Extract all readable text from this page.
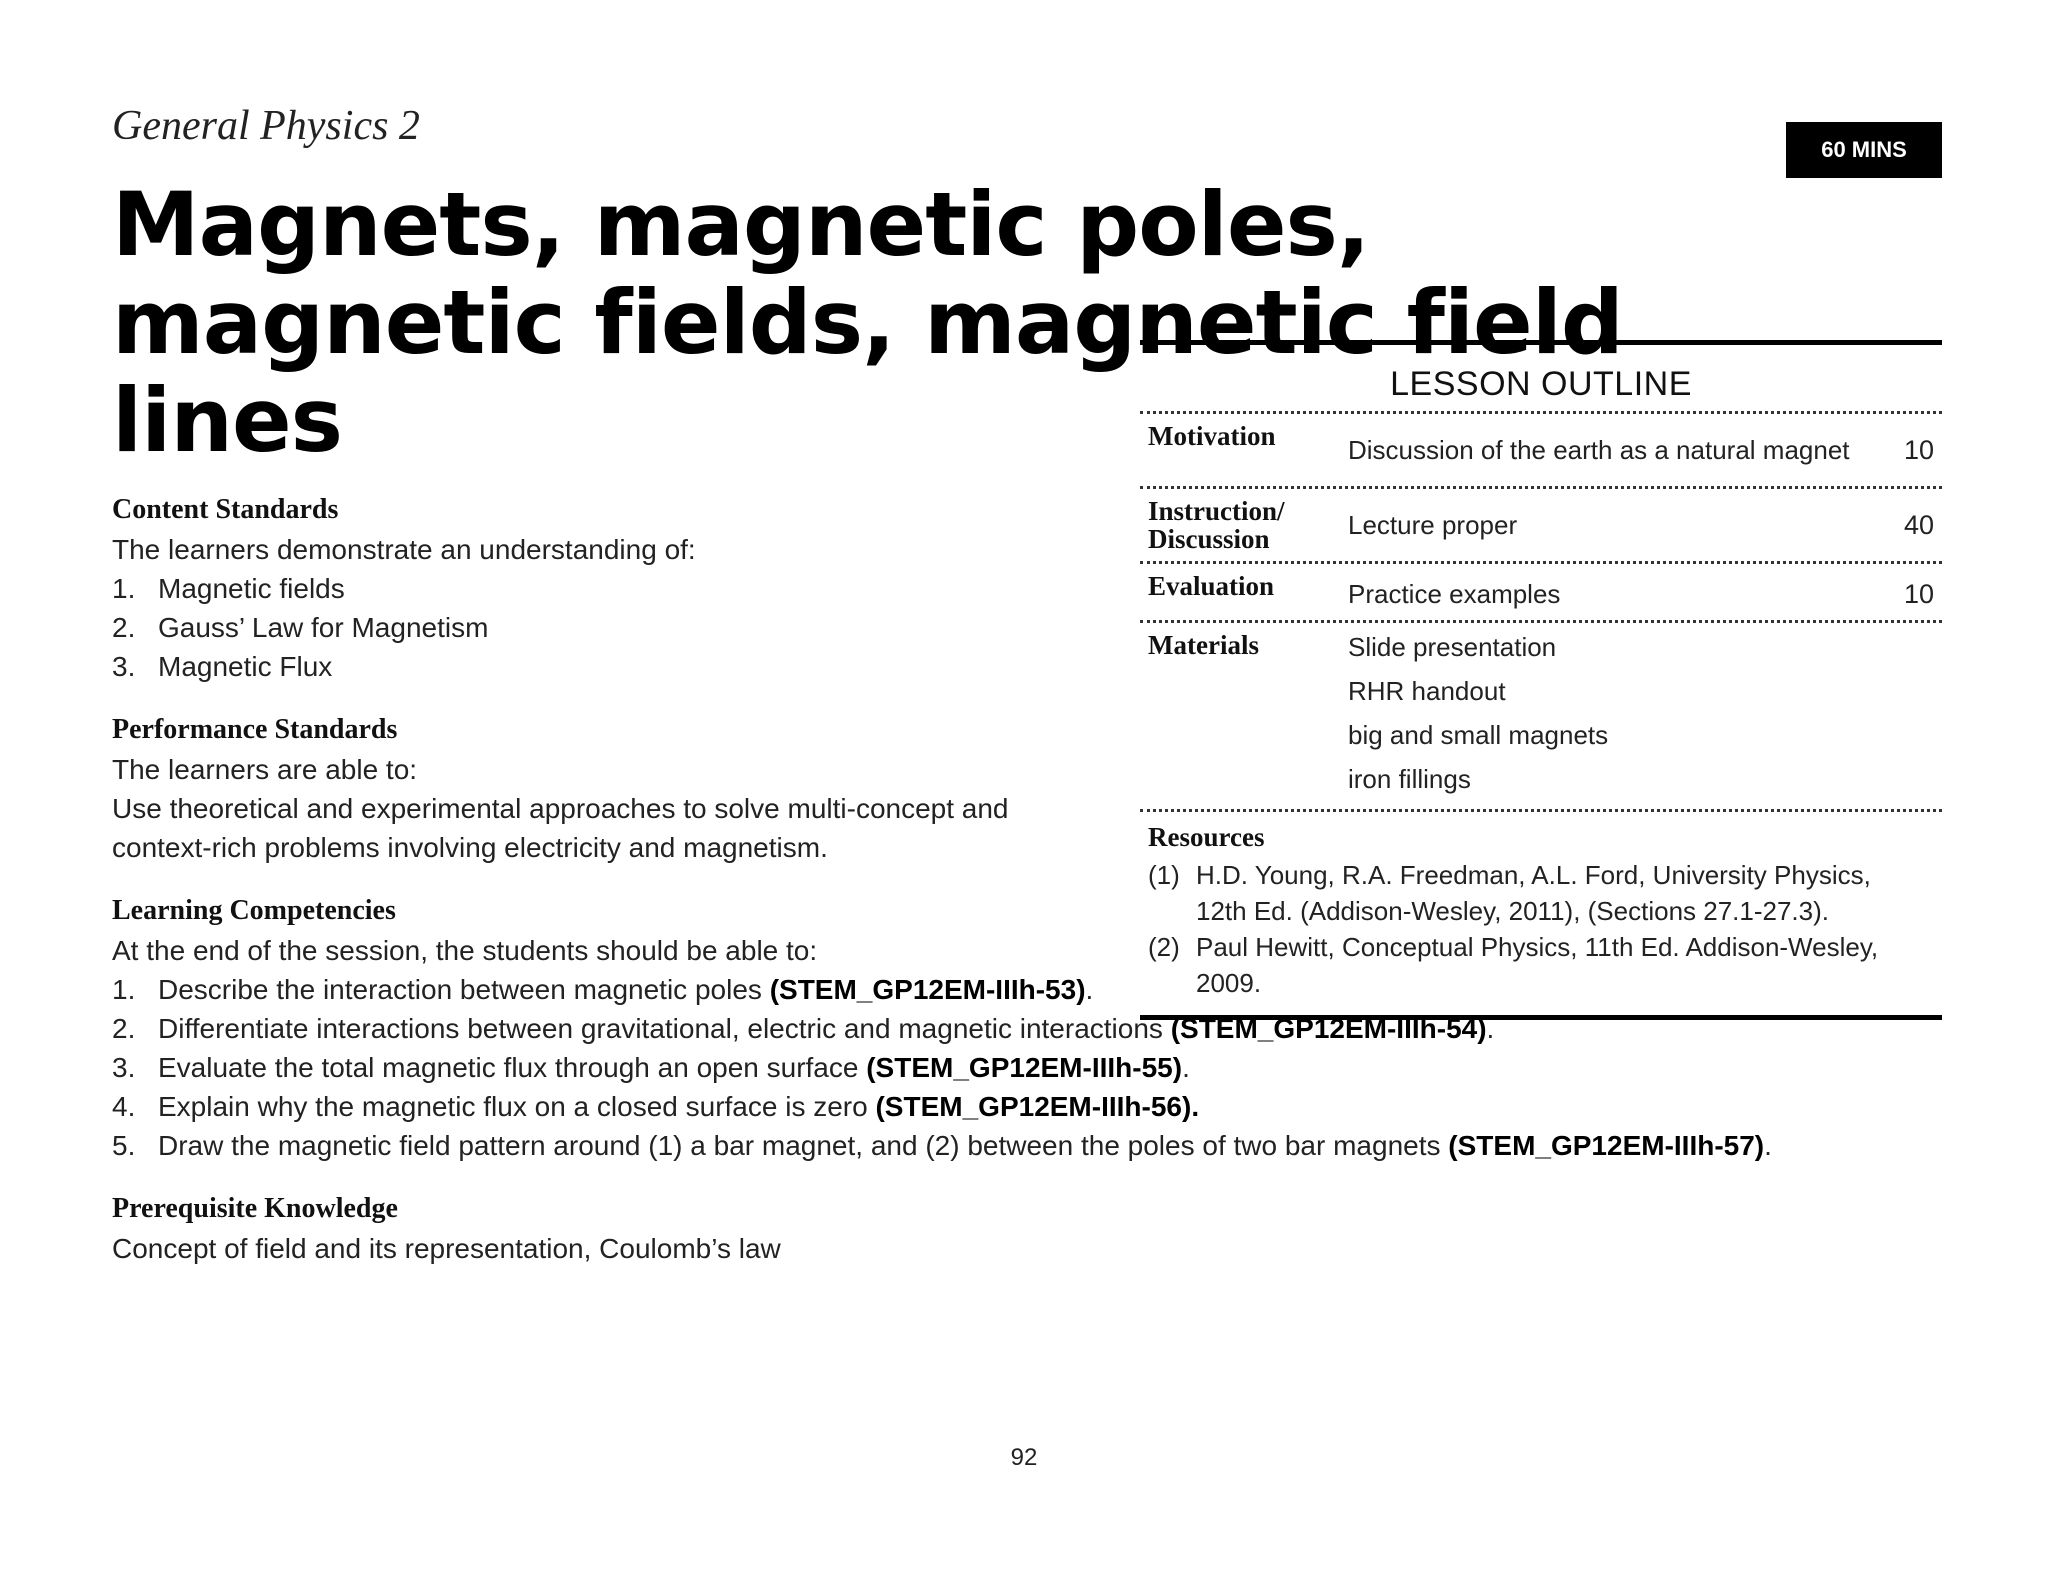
General Physics 2
60 MINS
Magnets, magnetic poles,
magnetic fields, magnetic field
lines

Content Standards

The learners demonstrate an understanding of:

1. Magnetic fields
2. Gauss’ Law for Magnetism
3. Magnetic Flux

Performance Standards

The learners are able to:

Use theoretical and experimental approaches to solve multi-concept and context-rich problems involving electricity and magnetism.

Learning Competencies

At the end of the session, the students should be able to:

1. Describe the interaction between magnetic poles (STEM_GP12EM-IIIh-53).
2. Differentiate interactions between gravitational, electric and magnetic interactions (STEM_GP12EM-IIIh-54).
3. Evaluate the total magnetic flux through an open surface (STEM_GP12EM-IIIh-55).
4. Explain why the magnetic flux on a closed surface is zero (STEM_GP12EM-IIIh-56).
5. Draw the magnetic field pattern around (1) a bar magnet, and (2) between the poles of two bar magnets (STEM_GP12EM-IIIh-57).

Prerequisite Knowledge

Concept of field and its representation, Coulomb’s law

LESSON OUTLINE
Motivation	Discussion of the earth as a natural magnet	10
Instruction/ Discussion	Lecture proper	40
Evaluation	Practice examples	10
Materials	Slide presentation
RHR handout
big and small magnets
iron fillings
Resources
(1) H.D. Young, R.A. Freedman, A.L. Ford, University Physics, 12th Ed. (Addison-Wesley, 2011), (Sections 27.1-27.3).
(2) Paul Hewitt, Conceptual Physics, 11th Ed. Addison-Wesley, 2009.
92
